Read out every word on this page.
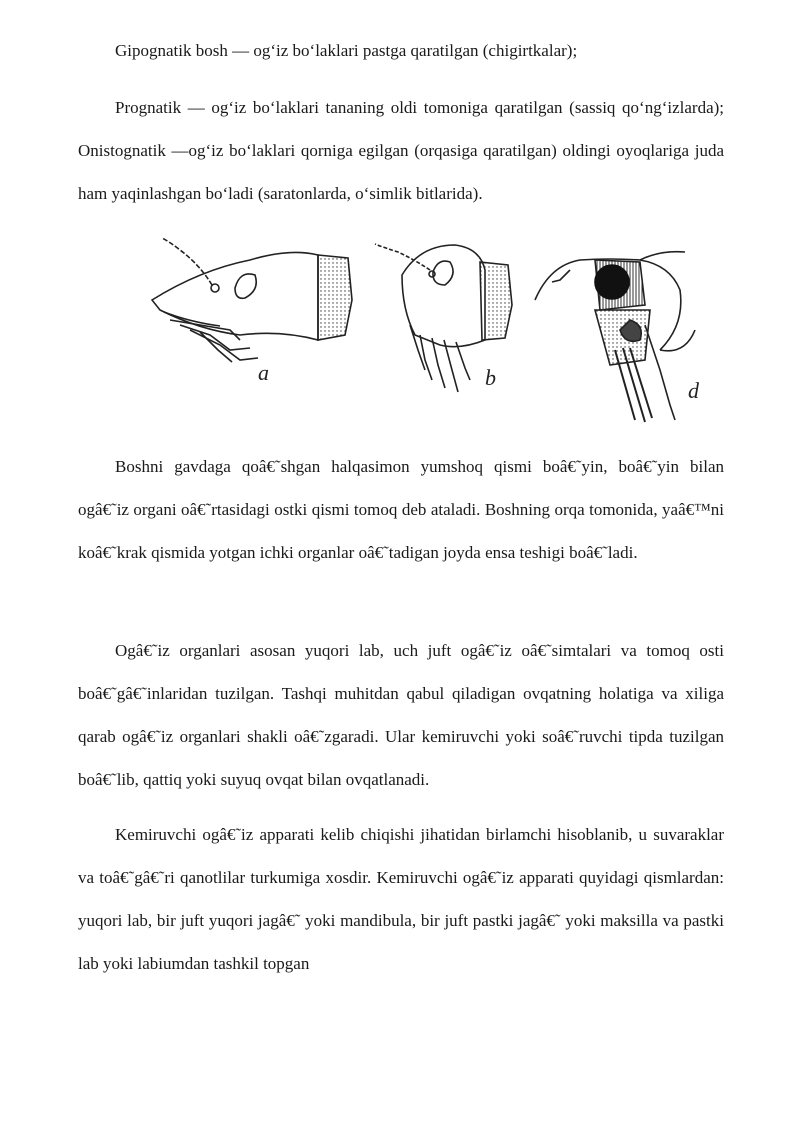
Gipognatik bosh — og‘iz bo‘laklari pastga qaratilgan (chigirtkalar);

Prognatik — og‘iz bo‘laklari tananing oldi tomoniga qaratilgan (sassiq qo‘ng‘izlarda); Onistognatik —og‘iz bo‘laklari qorniga egilgan (orqasiga qaratilgan) oldingi oyoqlariga juda ham yaqinlashgan bo‘ladi (saratonlarda, o‘simlik bitlarida).

a	b
d

Boshni gavdaga qoâ€˜shgan halqasimon yumshoq qismi boâ€˜yin, boâ€˜yin bilan ogâ€˜iz organi oâ€˜rtasidagi ostki qismi tomoq deb ataladi. Boshning orqa tomonida, yaâ€™ni koâ€˜krak qismida yotgan ichki organlar oâ€˜tadigan joyda ensa teshigi boâ€˜ladi.

Ogâ€˜iz organlari asosan yuqori lab, uch juft ogâ€˜iz oâ€˜simtalari va tomoq osti boâ€˜gâ€˜inlaridan tuzilgan. Tashqi muhitdan qabul qiladigan ovqatning holatiga va xiliga qarab ogâ€˜iz organlari shakli oâ€˜zgaradi. Ular kemiruvchi yoki soâ€˜ruvchi tipda tuzilgan boâ€˜lib, qattiq yoki suyuq ovqat bilan ovqatlanadi.

Kemiruvchi ogâ€˜iz apparati kelib chiqishi jihatidan birlamchi hisoblanib, u suvaraklar va toâ€˜gâ€˜ri qanotlilar turkumiga xosdir. Kemiruvchi ogâ€˜iz apparati quyidagi qismlardan: yuqori lab, bir juft yuqori jagâ€˜ yoki mandibula, bir juft pastki jagâ€˜ yoki maksilla va pastki lab yoki labiumdan tashkil topgan
